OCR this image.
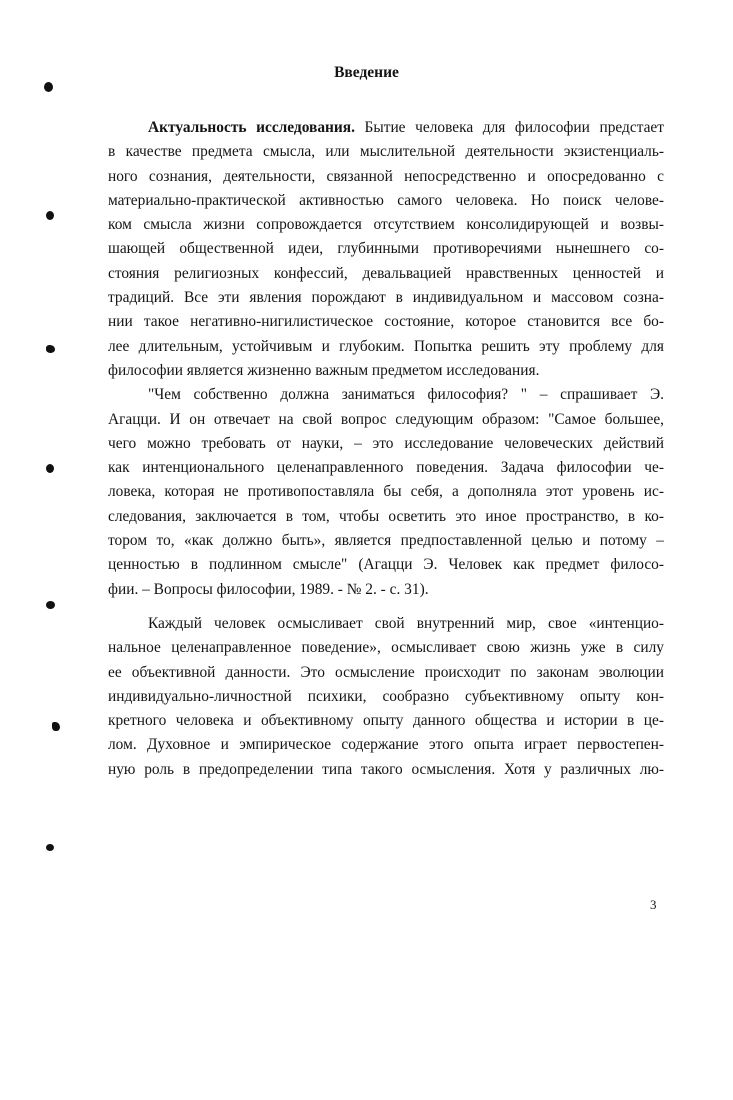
Введение
Актуальность исследования. Бытие человека для философии предстает
в качестве предмета смысла, или мыслительной деятельности экзистенциаль-
ного сознания, деятельности, связанной непосредственно и опосредованно с
материально-практической активностью самого человека. Но поиск челове-
ком смысла жизни сопровождается отсутствием консолидирующей и возвы-
шающей общественной идеи, глубинными противоречиями нынешнего со-
стояния религиозных конфессий, девальвацией нравственных ценностей и
традиций. Все эти явления порождают в индивидуальном и массовом созна-
нии такое негативно-нигилистическое состояние, которое становится все бо-
лее длительным, устойчивым и глубоким. Попытка решить эту проблему для
философии является жизненно важным предметом исследования.
"Чем собственно должна заниматься философия? " – спрашивает Э.
Агацци. И он отвечает на свой вопрос следующим образом: "Самое большее,
чего можно требовать от науки, – это исследование человеческих действий
как интенционального целенаправленного поведения. Задача философии че-
ловека, которая не противопоставляла бы себя, а дополняла этот уровень ис-
следования, заключается в том, чтобы осветить это иное пространство, в ко-
тором то, «как должно быть», является предпоставленной целью и потому –
ценностью в подлинном смысле" (Агацци Э. Человек как предмет филосо-
фии. – Вопросы философии, 1989. - № 2. - с. 31).
Каждый человек осмысливает свой внутренний мир, свое «интенцио-
нальное целенаправленное поведение», осмысливает свою жизнь уже в силу
ее объективной данности. Это осмысление происходит по законам эволюции
индивидуально-личностной психики, сообразно субъективному опыту кон-
кретного человека и объективному опыту данного общества и истории в це-
лом. Духовное и эмпирическое содержание этого опыта играет первостепен-
ную роль в предопределении типа такого осмысления. Хотя у различных лю-
3
